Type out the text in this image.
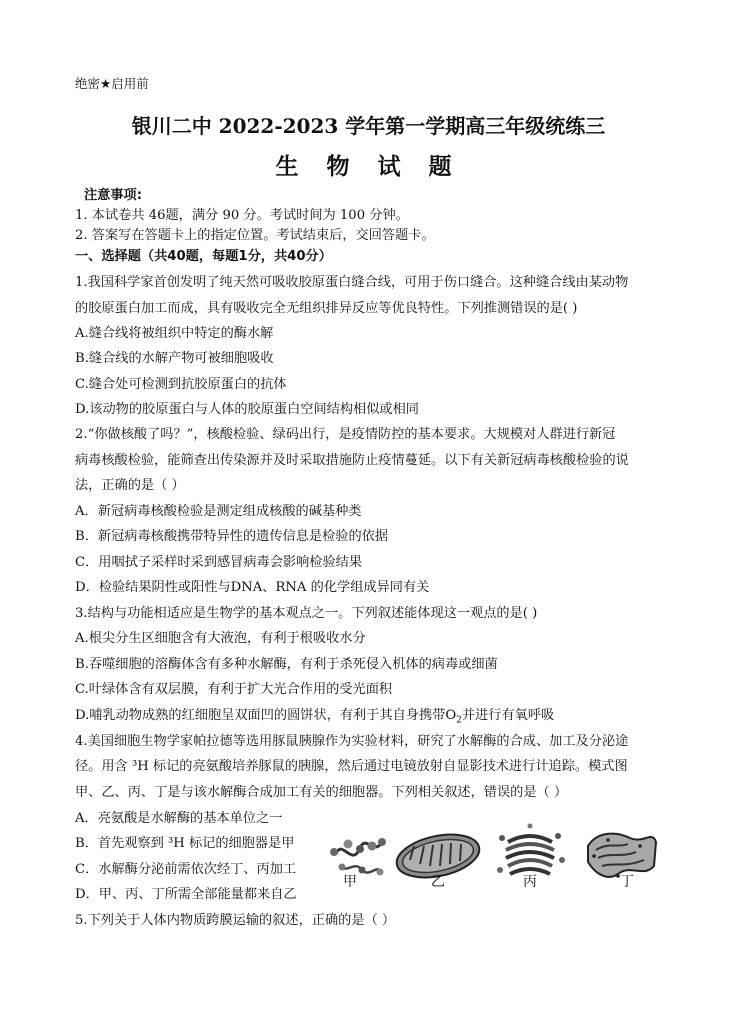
绝密★启用前
银川二中 2022-2023 学年第一学期高三年级统练三
生 物 试 题
注意事项:
1. 本试卷共 46题，满分 90 分。考试时间为 100 分钟。
2. 答案写在答题卡上的指定位置。考试结束后，交回答题卡。
一、选择题（共40题，每题1分，共40分）
1.我国科学家首创发明了纯天然可吸收胶原蛋白缝合线，可用于伤口缝合。这种缝合线由某动物
的胶原蛋白加工而成，具有吸收完全无组织排异反应等优良特性。下列推测错误的是( )
A.缝合线将被组织中特定的酶水解
B.缝合线的水解产物可被细胞吸收
C.缝合处可检测到抗胶原蛋白的抗体
D.该动物的胶原蛋白与人体的胶原蛋白空间结构相似或相同
2.“你做核酸了吗？”，核酸检验、绿码出行，是疫情防控的基本要求。大规模对人群进行新冠
病毒核酸检验，能筛查出传染源并及时采取措施防止疫情蔓延。以下有关新冠病毒核酸检验的说
法，正确的是（ ）
A．新冠病毒核酸检验是测定组成核酸的碱基种类
B．新冠病毒核酸携带特异性的遗传信息是检验的依据
C．用咽拭子采样时采到感冒病毒会影响检验结果
D．检验结果阴性或阳性与DNA、RNA 的化学组成异同有关
3.结构与功能相适应是生物学的基本观点之一。下列叙述能体现这一观点的是( )
A.根尖分生区细胞含有大液泡，有利于根吸收水分
B.吞噬细胞的溶酶体含有多种水解酶，有利于杀死侵入机体的病毒或细菌
C.叶绿体含有双层膜，有利于扩大光合作用的受光面积
D.哺乳动物成熟的红细胞呈双面凹的圆饼状，有利于其自身携带$O_2$并进行有氧呼吸
4.美国细胞生物学家帕拉德等选用豚鼠胰腺作为实验材料，研究了水解酶的合成、加工及分泌途
径。用含 ³H 标记的亮氨酸培养豚鼠的胰腺，然后通过电镜放射自显影技术进行计追踪。模式图
甲、乙、丙、丁是与该水解酶合成加工有关的细胞器。下列相关叙述，错误的是（ ）
A．亮氨酸是水解酶的基本单位之一
B．首先观察到 ³H 标记的细胞器是甲
C．水解酶分泌前需依次经丁、丙加工
D．甲、丙、丁所需全部能量都来自乙
甲	乙	丙	丁
5.下列关于人体内物质跨膜运输的叙述，正确的是（ ）
